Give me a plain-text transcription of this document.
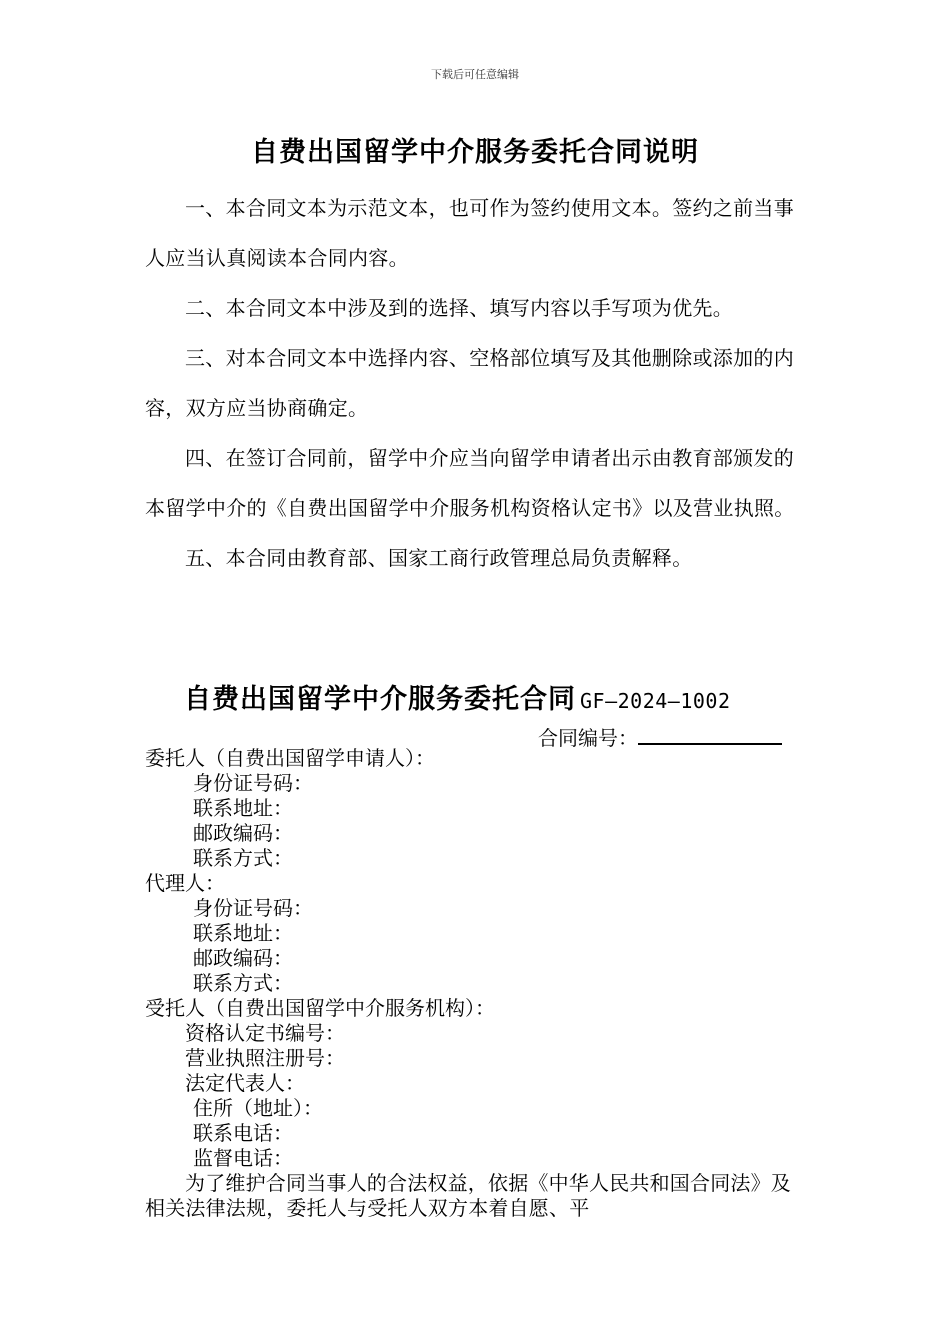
下载后可任意编辑
自费出国留学中介服务委托合同说明

一、本合同文本为示范文本，也可作为签约使用文本。签约之前当事人应当认真阅读本合同内容。

二、本合同文本中涉及到的选择、填写内容以手写项为优先。

三、对本合同文本中选择内容、空格部位填写及其他删除或添加的内容，双方应当协商确定。

四、在签订合同前，留学中介应当向留学申请者出示由教育部颁发的本留学中介的《自费出国留学中介服务机构资格认定书》以及营业执照。

五、本合同由教育部、国家工商行政管理总局负责解释。

自费出国留学中介服务委托合同 GF—2024—1002
合同编号：
委托人（自费出国留学申请人）：
身份证号码：
联系地址：
邮政编码：
联系方式：
代理人：
身份证号码：
联系地址：
邮政编码：
联系方式：
受托人（自费出国留学中介服务机构）：
资格认定书编号：
营业执照注册号：
法定代表人：
住所（地址）：
联系电话：
监督电话：

为了维护合同当事人的合法权益，依据《中华人民共和国合同法》及相关法律法规，委托人与受托人双方本着自愿、平
